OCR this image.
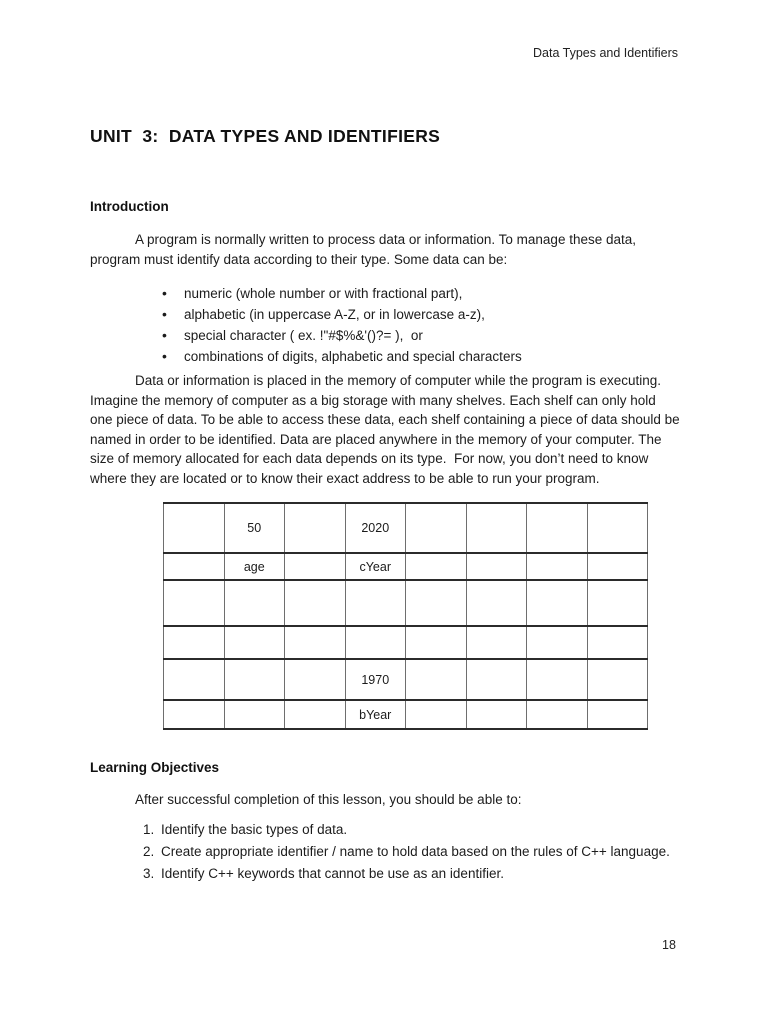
Data Types and Identifiers
UNIT  3:  DATA TYPES AND IDENTIFIERS
Introduction

A program is normally written to process data or information. To manage these data, program must identify data according to their type. Some data can be:

• numeric (whole number or with fractional part),
• alphabetic (in uppercase A-Z, or in lowercase a-z),
• special character ( ex. !"#$%&'()?= ),  or
• combinations of digits, alphabetic and special characters

Data or information is placed in the memory of computer while the program is executing. Imagine the memory of computer as a big storage with many shelves. Each shelf can only hold one piece of data. To be able to access these data, each shelf containing a piece of data should be named in order to be identified. Data are placed anywhere in the memory of your computer. The size of memory allocated for each data depends on its type.  For now, you don’t need to know where they are located or to know their exact address to be able to run your program.

	50		2020				
	age		cYear				

			1970				
			bYear				
Learning Objectives

After successful completion of this lesson, you should be able to:

1. Identify the basic types of data.
2. Create appropriate identifier / name to hold data based on the rules of C++ language.
3. Identify C++ keywords that cannot be use as an identifier.
18
